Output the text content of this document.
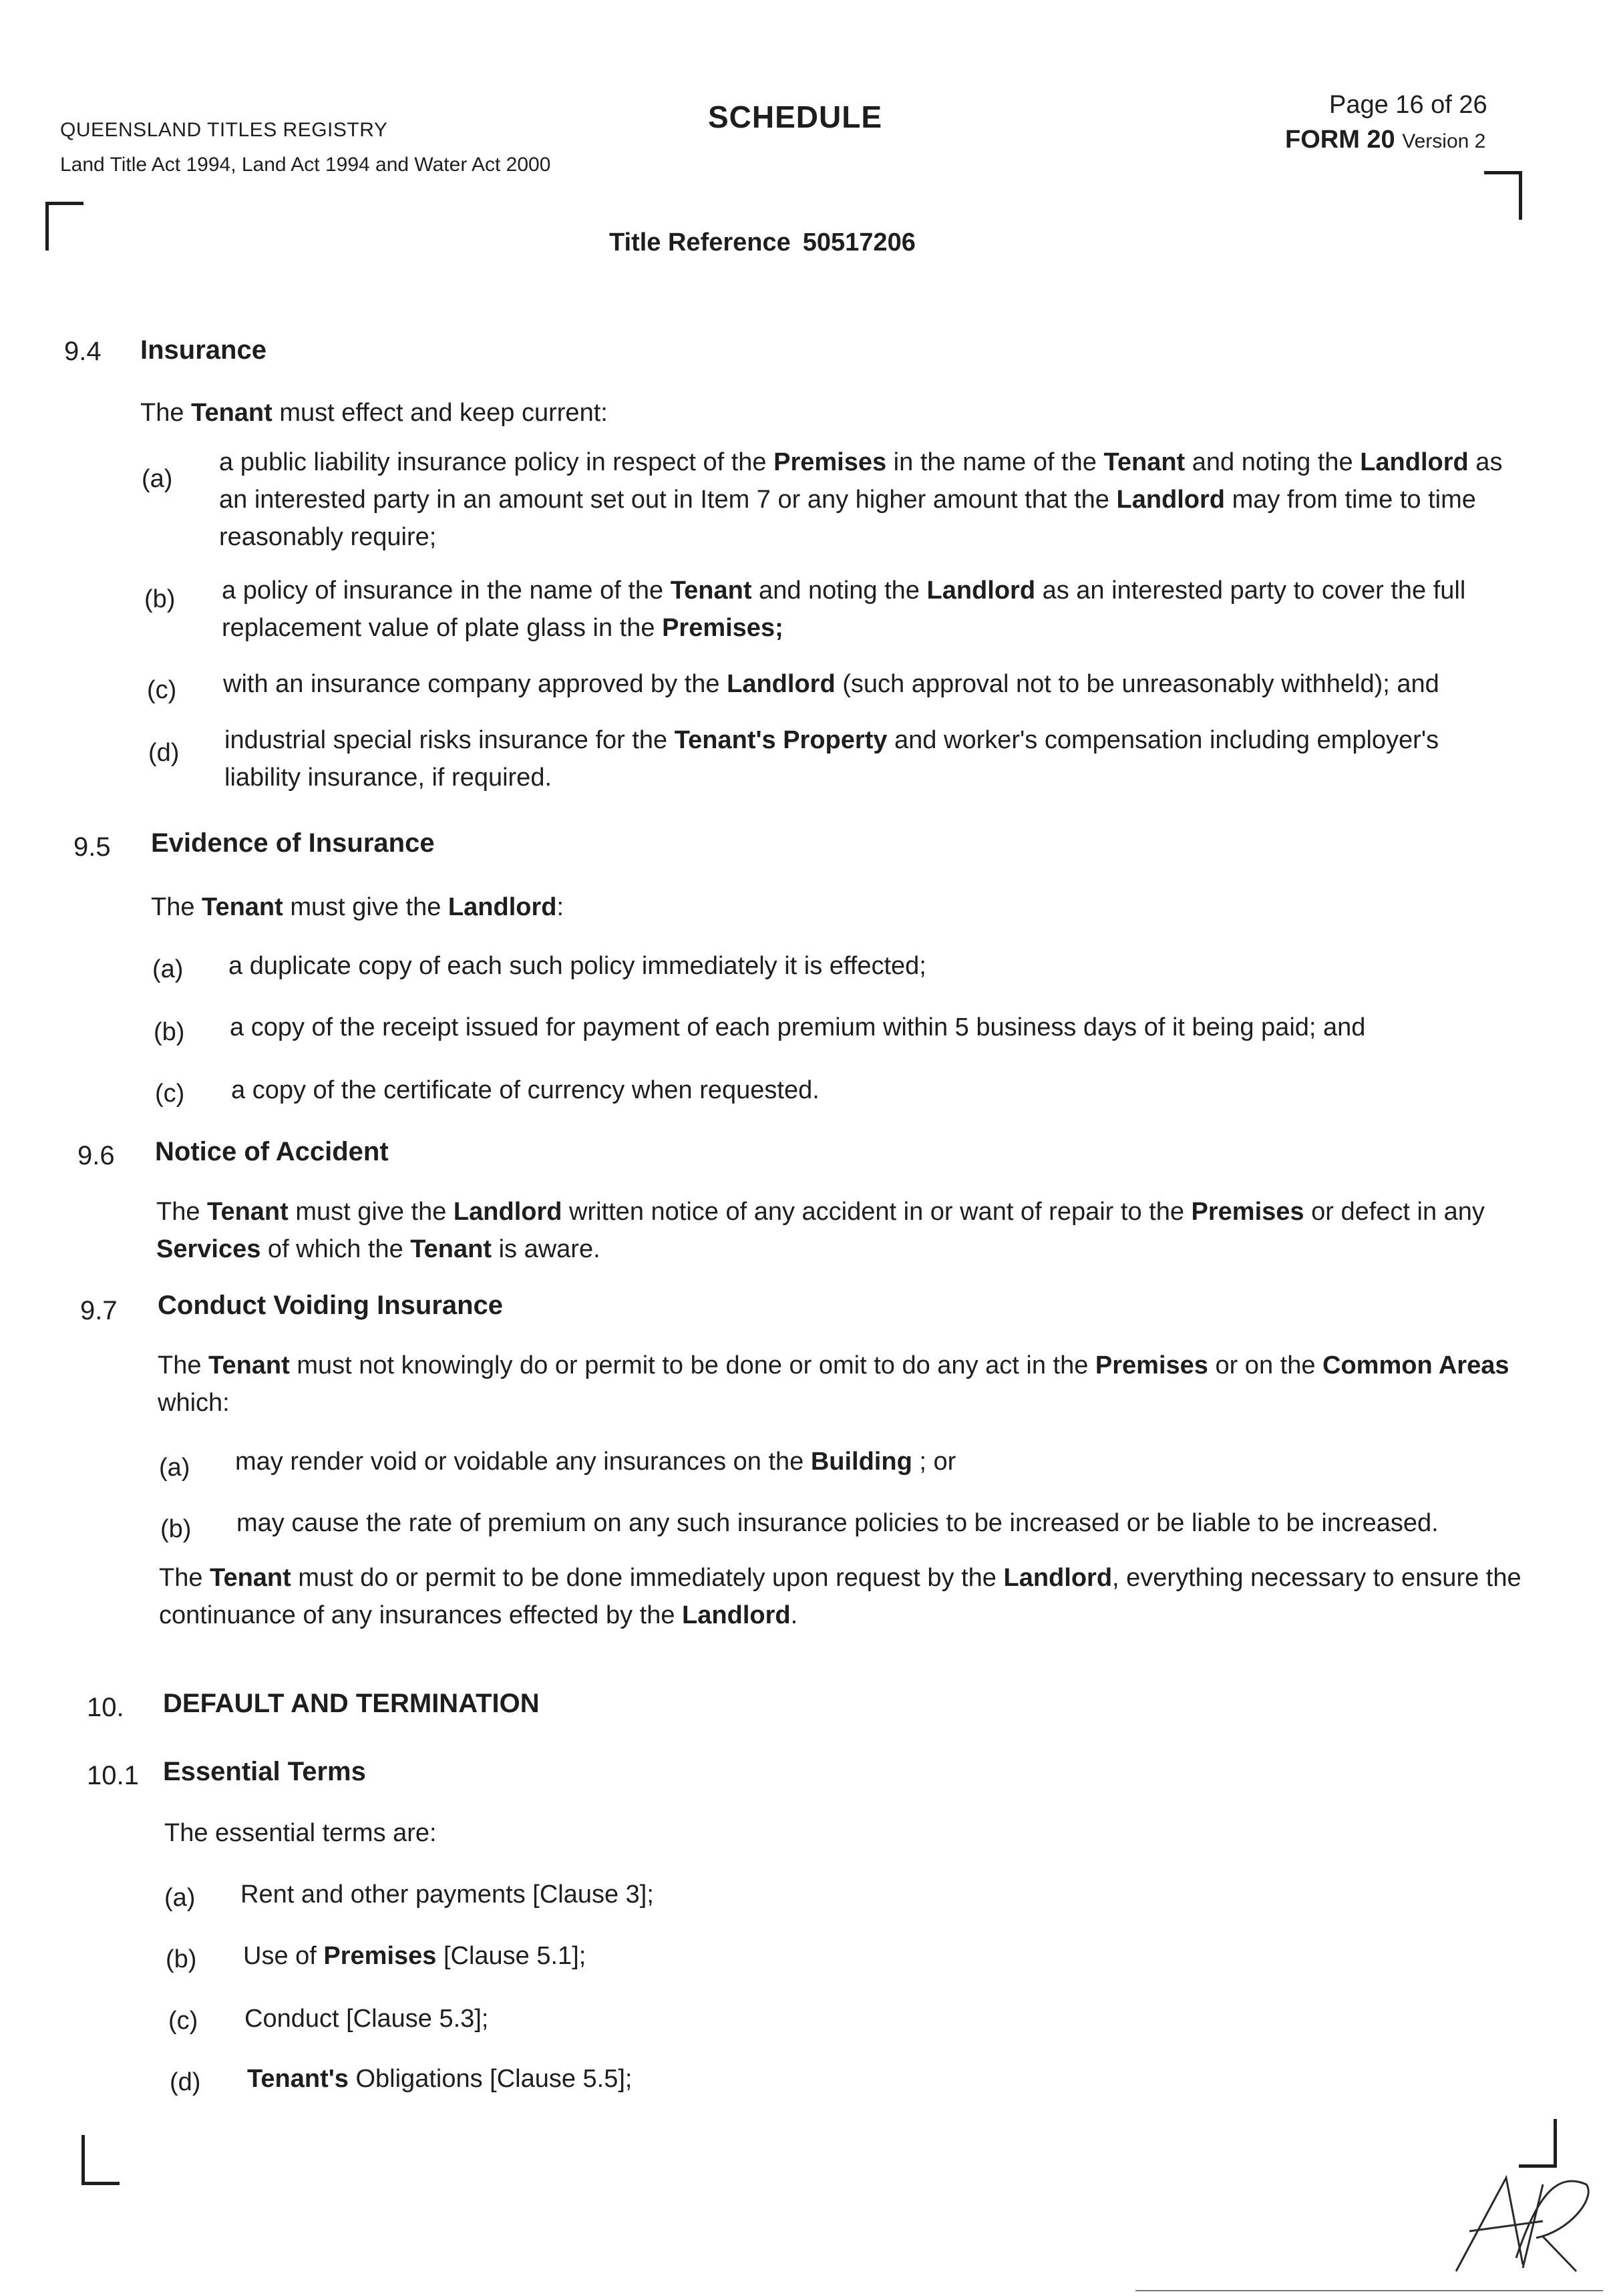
QUEENSLAND TITLES REGISTRY
Land Title Act 1994, Land Act 1994 and Water Act 2000
SCHEDULE	Page 16 of 26
FORM 20 Version 2
Title Reference 50517206
9.4 Insurance
The Tenant must effect and keep current:
(a)
a public liability insurance policy in respect of the Premises in the name of the Tenant and noting the Landlord as an interested party in an amount set out in Item 7 or any higher amount that the Landlord may from time to time reasonably require;
(b) a policy of insurance in the name of the Tenant and noting the Landlord as an interested party to cover the full replacement value of plate glass in the Premises;
(c) with an insurance company approved by the Landlord (such approval not to be unreasonably withheld); and
(d) industrial special risks insurance for the Tenant's Property and worker's compensation including employer's liability insurance, if required.
9.5 Evidence of Insurance
The Tenant must give the Landlord:
(a) a duplicate copy of each such policy immediately it is effected;
(b) a copy of the receipt issued for payment of each premium within 5 business days of it being paid; and
(c) a copy of the certificate of currency when requested.
9.6 Notice of Accident
The Tenant must give the Landlord written notice of any accident in or want of repair to the Premises or defect in any Services of which the Tenant is aware.
9.7 Conduct Voiding Insurance
The Tenant must not knowingly do or permit to be done or omit to do any act in the Premises or on the Common Areas which:
(a) may render void or voidable any insurances on the Building ; or
(b) may cause the rate of premium on any such insurance policies to be increased or be liable to be increased.
The Tenant must do or permit to be done immediately upon request by the Landlord, everything necessary to ensure the continuance of any insurances effected by the Landlord.
10. DEFAULT AND TERMINATION
10.1 Essential Terms
The essential terms are:
(a) Rent and other payments [Clause 3];
(b) Use of Premises [Clause 5.1];
(c) Conduct [Clause 5.3];
(d) Tenant's Obligations [Clause 5.5];
